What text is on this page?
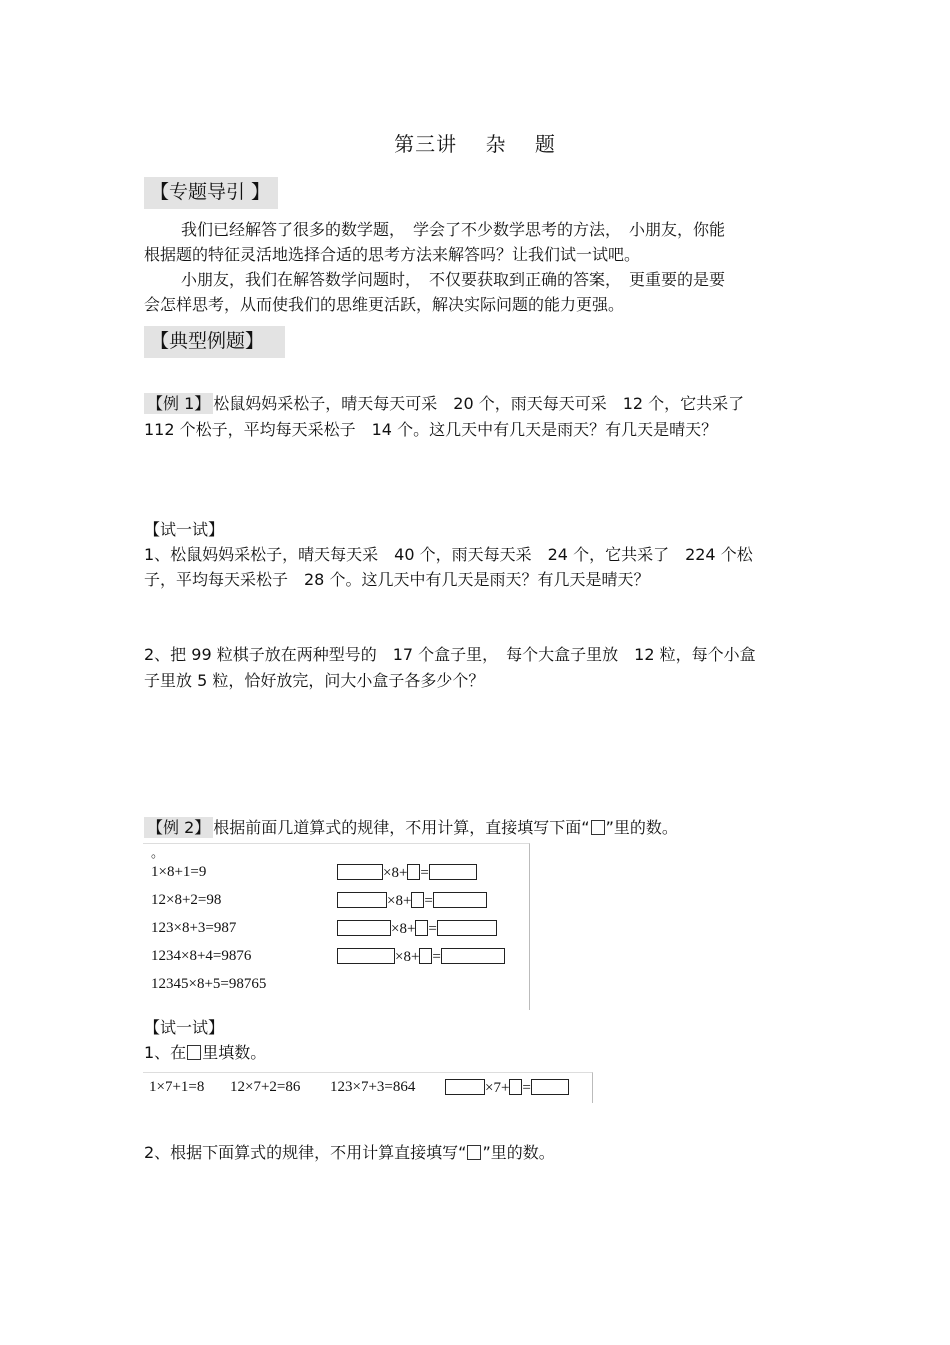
第三讲　 杂　 题
【专题导引 】
我们已经解答了很多的数学题，　学会了不少数学思考的方法，　小朋友，你能
根据题的特征灵活地选择合适的思考方法来解答吗？让我们试一试吧。
小朋友，我们在解答数学问题时，　不仅要获取到正确的答案，　更重要的是要
会怎样思考，从而使我们的思维更活跃，解决实际问题的能力更强。
【典型例题】
【例 1】 松鼠妈妈采松子，晴天每天可采　20 个，雨天每天可采　12 个，它共采了
112 个松子，平均每天采松子　14 个。这几天中有几天是雨天？有几天是晴天？
【试一试】
1、松鼠妈妈采松子，晴天每天采　40 个，雨天每天采　24 个，它共采了　224 个松
子，平均每天采松子　28 个。这几天中有几天是雨天？有几天是晴天？
2、把 99 粒棋子放在两种型号的　17 个盒子里，　每个大盒子里放　12 粒，每个小盒
子里放 5 粒，恰好放完，问大小盒子各多少个？
【例 2】 根据前面几道算式的规律，不用计算，直接填写下面“ ”里的数。
。
1×8+1=9
12×8+2=98
123×8+3=987
1234×8+4=9876
12345×8+5=98765
×8+ =
×8+ =
×8+ =
×8+ =
【试一试】
1、在 里填数。
1×7+1=8 12×7+2=86 123×7+3=864	×7+ =
2、根据下面算式的规律，不用计算直接填写“ ”里的数。
